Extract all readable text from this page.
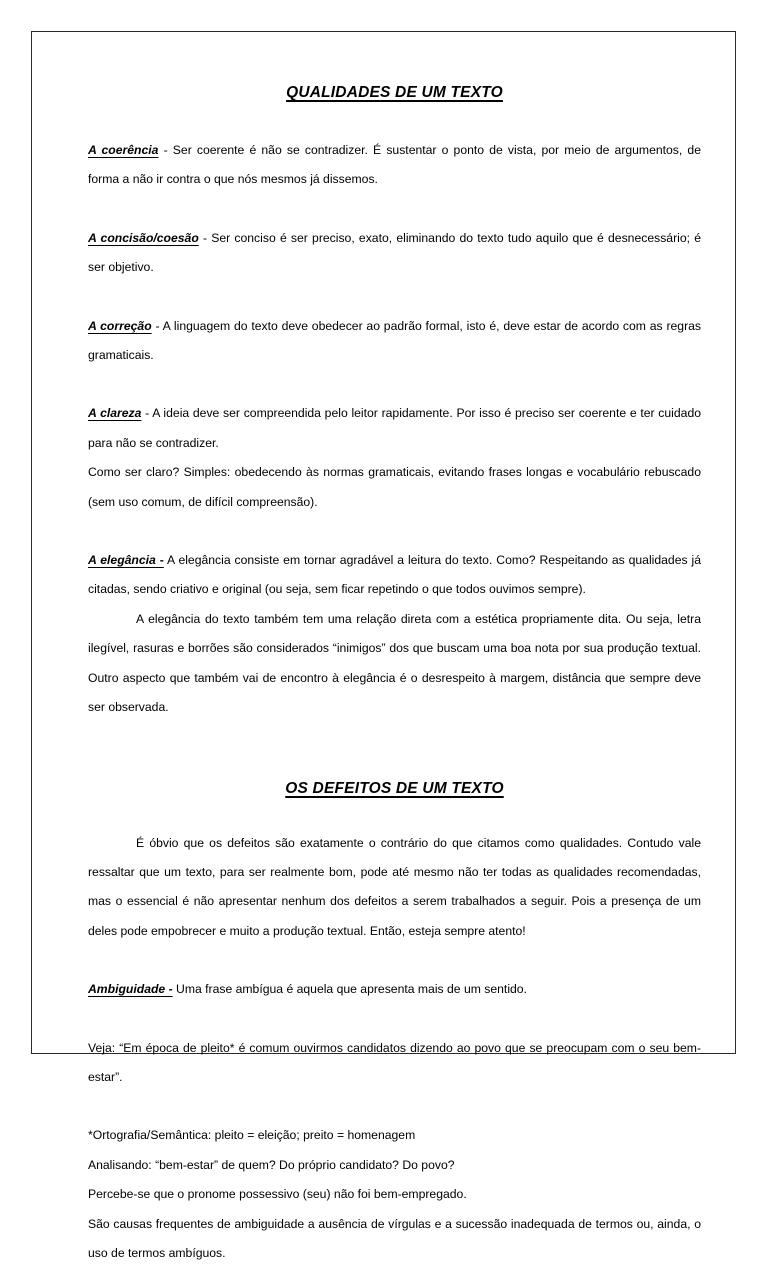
QUALIDADES DE UM TEXTO

A coerência - Ser coerente é não se contradizer. É sustentar o ponto de vista, por meio de argumentos, de forma a não ir contra o que nós mesmos já dissemos.

A concisão/coesão - Ser conciso é ser preciso, exato, eliminando do texto tudo aquilo que é desnecessário; é ser objetivo.

A correção - A linguagem do texto deve obedecer ao padrão formal, isto é, deve estar de acordo com as regras gramaticais.

A clareza - A ideia deve ser compreendida pelo leitor rapidamente. Por isso é preciso ser coerente e ter cuidado para não se contradizer.

Como ser claro? Simples: obedecendo às normas gramaticais, evitando frases longas e vocabulário rebuscado (sem uso comum, de difícil compreensão).

A elegância - A elegância consiste em tornar agradável a leitura do texto. Como? Respeitando as qualidades já citadas, sendo criativo e original (ou seja, sem ficar repetindo o que todos ouvimos sempre).

A elegância do texto também tem uma relação direta com a estética propriamente dita. Ou seja, letra ilegível, rasuras e borrões são considerados “inimigos” dos que buscam uma boa nota por sua produção textual. Outro aspecto que também vai de encontro à elegância é o desrespeito à margem, distância que sempre deve ser observada.

OS DEFEITOS DE UM TEXTO

É óbvio que os defeitos são exatamente o contrário do que citamos como qualidades. Contudo vale ressaltar que um texto, para ser realmente bom, pode até mesmo não ter todas as qualidades recomendadas, mas o essencial é não apresentar nenhum dos defeitos a serem trabalhados a seguir. Pois a presença de um deles pode empobrecer e muito a produção textual. Então, esteja sempre atento!

Ambiguidade - Uma frase ambígua é aquela que apresenta mais de um sentido.

Veja: “Em época de pleito* é comum ouvirmos candidatos dizendo ao povo que se preocupam com o seu bem-estar”.

*Ortografia/Semântica: pleito = eleição; preito = homenagem

Analisando: “bem-estar” de quem? Do próprio candidato? Do povo?

Percebe-se que o pronome possessivo (seu) não foi bem-empregado.

São causas frequentes de ambiguidade a ausência de vírgulas e a sucessão inadequada de termos ou, ainda, o uso de termos ambíguos.
